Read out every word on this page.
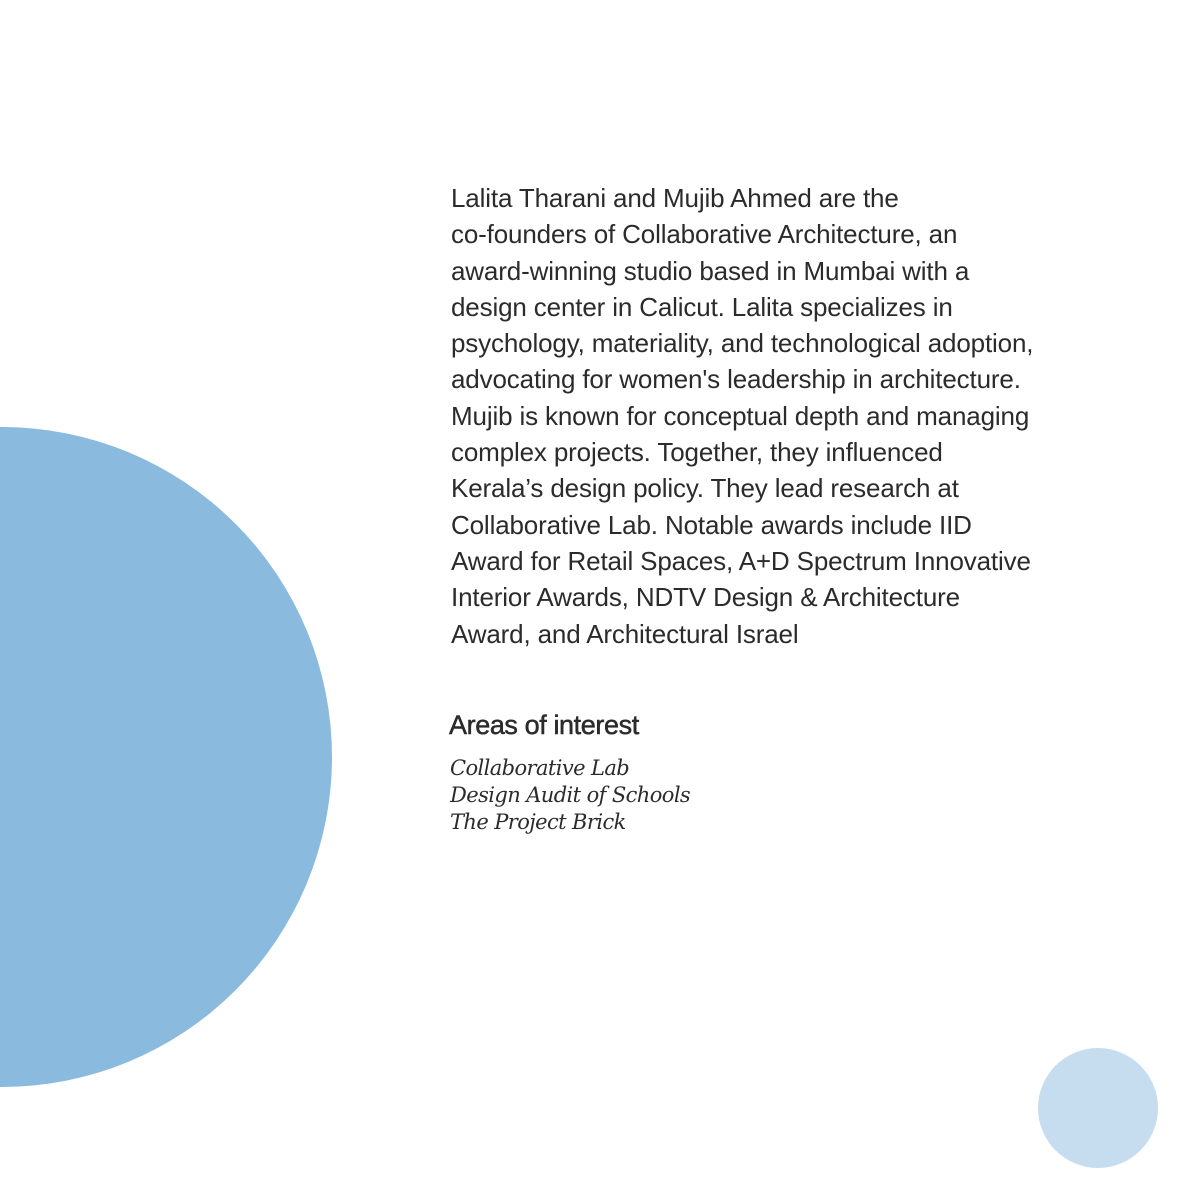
Lalita Tharani and Mujib Ahmed are the
co-founders of Collaborative Architecture, an
award-winning studio based in Mumbai with a
design center in Calicut. Lalita specializes in
psychology, materiality, and technological adoption,
advocating for women's leadership in architecture.
Mujib is known for conceptual depth and managing
complex projects. Together, they influenced
Kerala’s design policy. They lead research at
Collaborative Lab. Notable awards include IID
Award for Retail Spaces, A+D Spectrum Innovative
Interior Awards, NDTV Design & Architecture
Award, and Architectural Israel

Areas of interest
Collaborative Lab
Design Audit of Schools
The Project Brick
